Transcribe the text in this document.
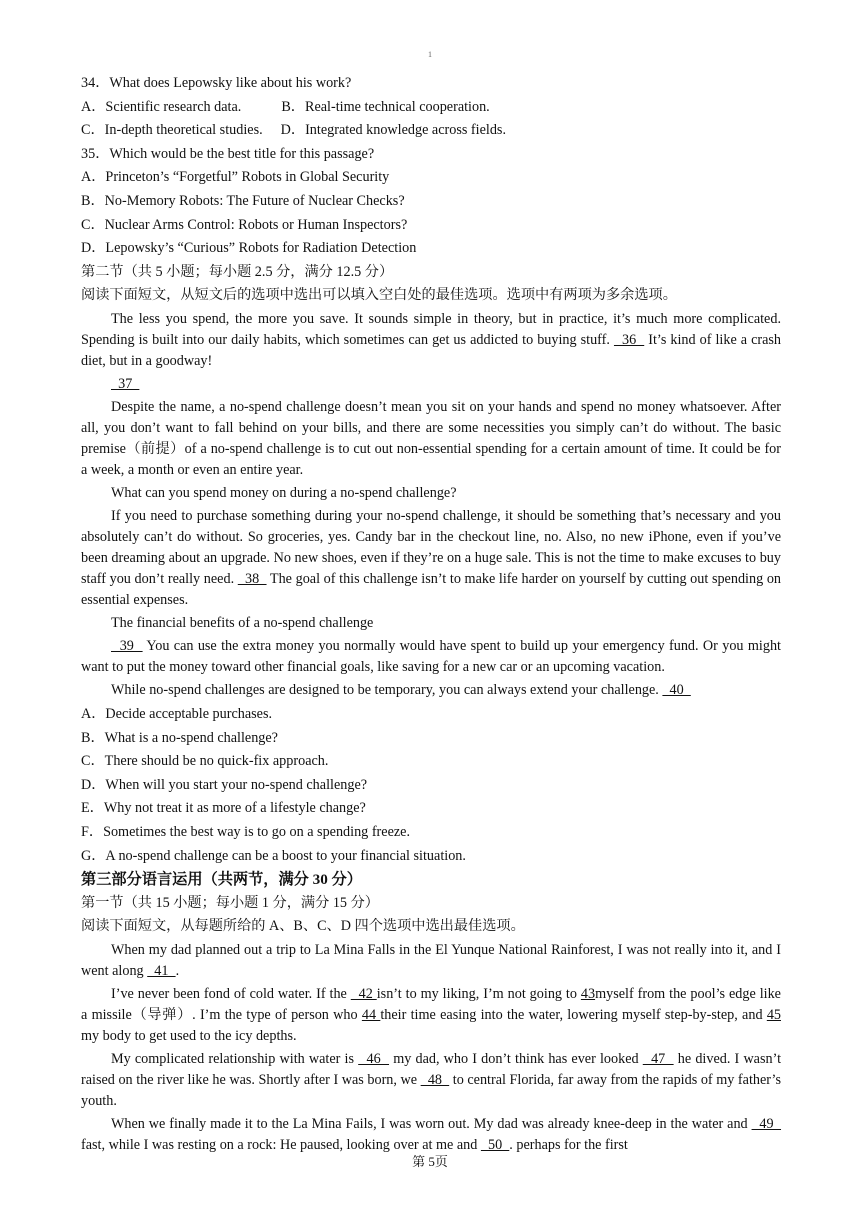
1
34．What does Lepowsky like about his work?
A．Scientific research data.	B．Real-time technical cooperation.
C．In-depth theoretical studies. D．Integrated knowledge across fields.
35．Which would be the best title for this passage?
A．Princeton’s “Forgetful” Robots in Global Security
B．No-Memory Robots: The Future of Nuclear Checks?
C．Nuclear Arms Control: Robots or Human Inspectors?
D．Lepowsky’s “Curious” Robots for Radiation Detection
第二节（共 5 小题；每小题 2.5 分，满分 12.5 分）
阅读下面短文，从短文后的选项中选出可以填入空白处的最佳选项。选项中有两项为多余选项。

The less you spend, the more you save. It sounds simple in theory, but in practice, it’s much more complicated. Spending is built into our daily habits, which sometimes can get us addicted to buying stuff.   36   It’s kind of like a crash diet, but in a goodway!

37

Despite the name, a no-spend challenge doesn’t mean you sit on your hands and spend no money whatsoever. After all, you don’t want to fall behind on your bills, and there are some necessities you simply can’t do without. The basic premise（前提）of a no-spend challenge is to cut out non-essential spending for a certain amount of time. It could be for a week, a month or even an entire year.

What can you spend money on during a no-spend challenge?

If you need to purchase something during your no-spend challenge, it should be something that’s necessary and you absolutely can’t do without. So groceries, yes. Candy bar in the checkout line, no. Also, no new iPhone, even if you’ve been dreaming about an upgrade. No new shoes, even if they’re on a huge sale. This is not the time to make excuses to buy staff you don’t really need.   38   The goal of this challenge isn’t to make life harder on yourself by cutting out spending on essential expenses.

The financial benefits of a no-spend challenge

39   You can use the extra money you normally would have spent to build up your emergency fund. Or you might want to put the money toward other financial goals, like saving for a new car or an upcoming vacation.

While no-spend challenges are designed to be temporary, you can always extend your challenge.   40

A．Decide acceptable purchases.
B．What is a no-spend challenge?
C．There should be no quick-fix approach.
D．When will you start your no-spend challenge?
E．Why not treat it as more of a lifestyle change?
F．Sometimes the best way is to go on a spending freeze.
G．A no-spend challenge can be a boost to your financial situation.
第三部分语言运用（共两节，满分 30 分）
第一节（共 15 小题；每小题 1 分，满分 15 分）
阅读下面短文，从每题所给的 A、B、C、D 四个选项中选出最佳选项。

When my dad planned out a trip to La Mina Falls in the El Yunque National Rainforest, I was not really into it, and I went along   41  .

I’ve never been fond of cold water. If the   42 isn’t to my liking, I’m not going to 43myself from the pool’s edge like a missile（导弹）. I’m the type of person who 44 their time easing into the water, lowering myself step-by-step, and 45 my body to get used to the icy depths.

My complicated relationship with water is   46   my dad, who I don’t think has ever looked   47   he dived. I wasn’t raised on the river like he was. Shortly after I was born, we   48   to central Florida, far away from the rapids of my father’s youth.

When we finally made it to the La Mina Fails, I was worn out. My dad was already knee-deep in the water and   49   fast, while I was resting on a rock: He paused, looking over at me and   50  . perhaps for the first

第 5页
